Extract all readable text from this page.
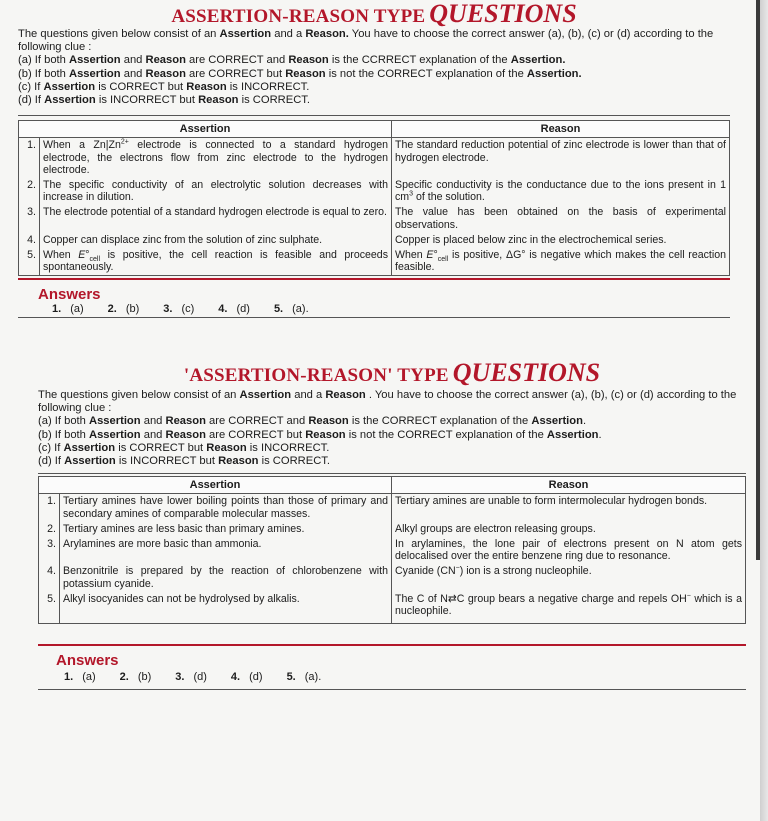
ASSERTION-REASON TYPE QUESTIONS
The questions given below consist of an Assertion and a Reason. You have to choose the correct answer (a), (b), (c) or (d) according to the following clue :
(a) If both Assertion and Reason are CORRECT and Reason is the CCRRECT explanation of the Assertion.
(b) If both Assertion and Reason are CORRECT but Reason is not the CORRECT explanation of the Assertion.
(c) If Assertion is CORRECT but Reason is INCORRECT.
(d) If Assertion is INCORRECT but Reason is CORRECT.
Assertion		Reason
1.	When a $Zn|Zn^{2+}$ electrode is connected to a standard hydrogen electrode, the electrons flow from zinc electrode to the hydrogen electrode.	The standard reduction potential of zinc electrode is lower than that of hydrogen electrode.
2.	The specific conductivity of an electrolytic solution decreases with increase in dilution.	Specific conductivity is the conductance due to the ions present in 1 $cm^3$ of the solution.
3.	The electrode potential of a standard hydrogen electrode is equal to zero.	The value has been obtained on the basis of experimental observations.
4.	Copper can displace zinc from the solution of zinc sulphate.	Copper is placed below zinc in the electrochemical series.
5.	When $E^\circ_{cell}$ is positive, the cell reaction is feasible and proceeds spontaneously.	When $E^\circ_{cell}$ is positive, ΔG° is negative which makes the cell reaction feasible.
Answers
1. (a) 2. (b) 3. (c) 4. (d) 5. (a).
'ASSERTION-REASON' TYPE QUESTIONS
The questions given below consist of an Assertion and a Reason . You have to choose the correct answer (a), (b), (c) or (d) according to the following clue :
(a) If both Assertion and Reason are CORRECT and Reason is the CORRECT explanation of the Assertion.
(b) If both Assertion and Reason are CORRECT but Reason is not the CORRECT explanation of the Assertion.
(c) If Assertion is CORRECT but Reason is INCORRECT.
(d) If Assertion is INCORRECT but Reason is CORRECT.
Assertion		Reason
1.	Tertiary amines have lower boiling points than those of primary and secondary amines of comparable molecular masses.	Tertiary amines are unable to form intermolecular hydrogen bonds.
2.	Tertiary amines are less basic than primary amines.	Alkyl groups are electron releasing groups.
3.	Arylamines are more basic than ammonia.	In arylamines, the lone pair of electrons present on N atom gets delocalised over the entire benzene ring due to resonance.
4.	Benzonitrile is prepared by the reaction of chlorobenzene with potassium cyanide.	Cyanide (CN−) ion is a strong nucleophile.
5.	Alkyl isocyanides can not be hydrolysed by alkalis.	The C of N⇄C group bears a negative charge and repels OH− which is a nucleophile.
Answers
1. (a) 2. (b) 3. (d) 4. (d) 5. (a).
